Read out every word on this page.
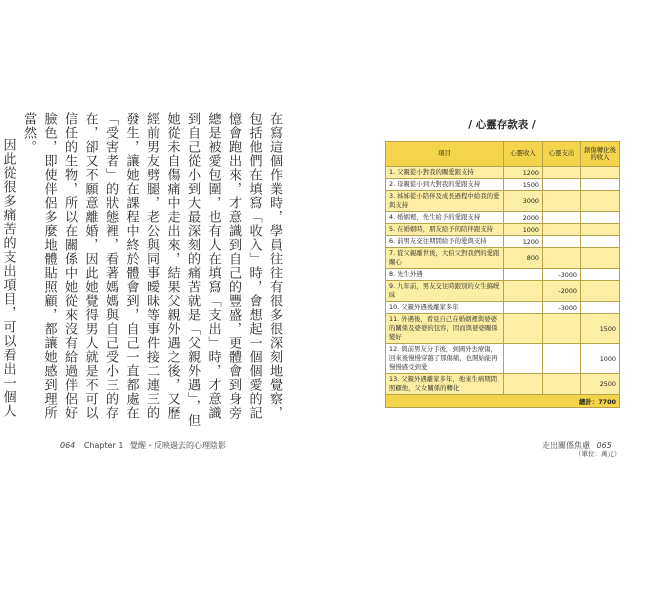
在寫這個作業時，學員往往有很多很深刻地覺察，包括他們在填寫「收入」時，會想起一個個愛的記憶會跑出來，才意識到自己的豐盛，更體會到身旁總是被愛包圍，也有人在填寫「支出」時，才意識到自己從小到大最深刻的痛苦就是「父親外遇」，但她從未自傷痛中走出來，結果父親外遇之後，又歷經前男友劈腿，老公與同事曖昧等事件接二連三的發生，讓她在課程中終於體會到，自己一直都處在「受害者」的狀態裡，看著媽媽與自己受小三的存在，卻又不願意離婚，因此她覺得男人就是不可以信任的生物，所以在關係中她從來沒有給過伴侶好臉色，即使伴侶多麼地體貼照顧，都讓她感到理所當然。

因此從很多痛苦的支出項目，可以看出一個人

064 Chapter 1 覺醒・反映過去的心理陰影
/ 心靈存款表 /
項目	心靈收入	心靈支出	創傷轉化後的收入
1. 父親從小對我的關愛跟支持	1200		
2. 母親從小到大對我的愛跟支持	1500		
3. 姊姊從小陪伴及成長過程中給我的愛與支持	3000		
4. 婚姻裡，先生給予的愛跟支持	2000		
5. 在婚姻時，朋友給予的陪伴跟支持	1000		
6. 前男友交往期間給予的愛與支持	1200		
7. 從父親離世後，大伯父對我們的愛跟關心	800		
8. 先生外遇		-3000	
9. 九年前，男友交往時跟別的女生搞曖昧		-2000	
10. 父親外遇後離家多年		-3000	
11. 外遇後，看見自己在婚姻裡與婆婆的關係及婆婆的包容，因而與婆婆關係變好			1500
12. 與前男友分手後，到國外去療傷，回來後慢慢穿越了那傷痛，也開始能再慢慢感受到愛			1000
13. 父親外遇離家多年，他來生病期間照顧他，父女關係的轉化			2500
總計：7700			
（單位：萬元）
走出關係焦慮 065
